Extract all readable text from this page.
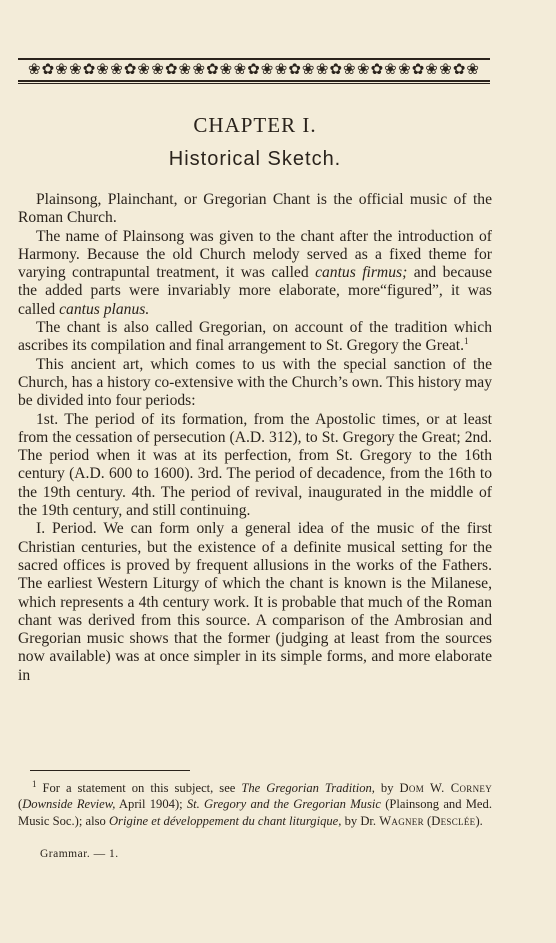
❀✿❀ ❀✿❀ ❀✿❀ ❀✿❀ ❀✿❀ ❀✿❀ ❀✿❀ ❀✿❀ ❀✿❀ ❀✿❀ ❀✿❀
CHAPTER I.
Historical Sketch.

Plainsong, Plainchant, or Gregorian Chant is the official music of the Roman Church.

The name of Plainsong was given to the chant after the introduction of Harmony. Because the old Church melody served as a fixed theme for varying contrapuntal treatment, it was called cantus firmus; and because the added parts were invariably more elaborate, more“figured”, it was called cantus planus.

The chant is also called Gregorian, on account of the tradition which ascribes its compilation and final arrangement to St. Gregory the Great.$^1$

This ancient art, which comes to us with the special sanction of the Church, has a history co-extensive with the Church’s own. This history may be divided into four periods:

1st. The period of its formation, from the Apostolic times, or at least from the cessation of persecution (A.D. 312), to St. Gregory the Great; 2nd. The period when it was at its perfection, from St. Gregory to the 16th century (A.D. 600 to 1600). 3rd. The period of decadence, from the 16th to the 19th century. 4th. The period of revival, inaugurated in the middle of the 19th century, and still continuing.

I. Period. We can form only a general idea of the music of the first Christian centuries, but the existence of a definite musical setting for the sacred offices is proved by frequent allusions in the works of the Fathers. The earliest Western Liturgy of which the chant is known is the Milanese, which represents a 4th century work. It is probable that much of the Roman chant was derived from this source. A comparison of the Ambrosian and Gregorian music shows that the former (judging at least from the sources now available) was at once simpler in its simple forms, and more elaborate in

$^1$ For a statement on this subject, see The Gregorian Tradition, by Dom W. Corney (Downside Review, April 1904); St. Gregory and the Gregorian Music (Plainsong and Med. Music Soc.); also Origine et développement du chant liturgique, by Dr. Wagner (Desclée).

Grammar. — 1.
